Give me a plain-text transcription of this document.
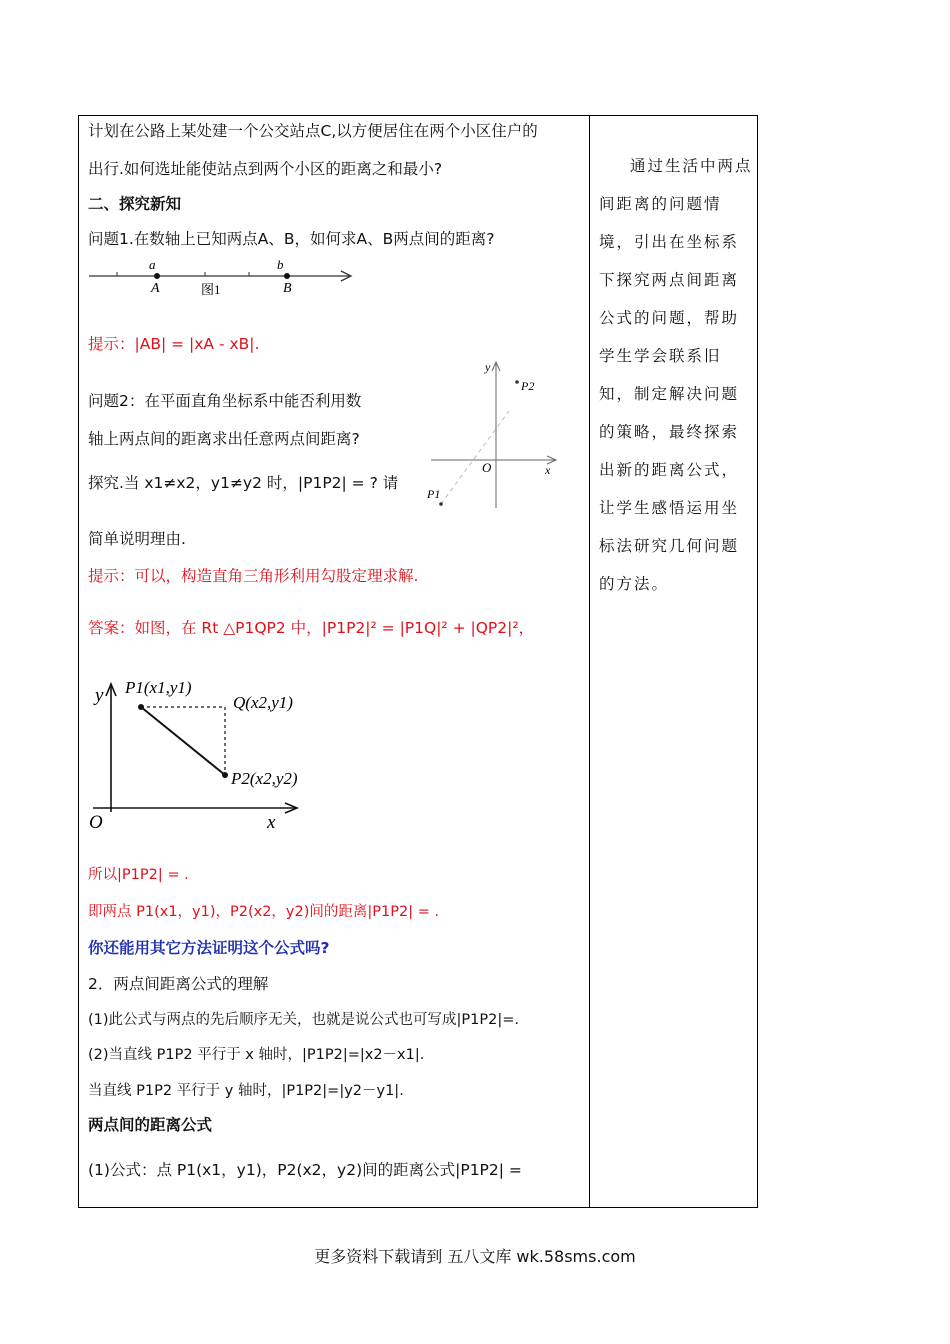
计划在公路上某处建一个公交站点C,以方便居住在两个小区住户的
出行.如何选址能使站点到两个小区的距离之和最小?
二、探究新知
问题1.在数轴上已知两点A、B，如何求A、B两点间的距离?
a	b
A	B
图1
提示：|AB| = |xA - xB|.
问题2：在平面直角坐标系中能否利用数
轴上两点间的距离求出任意两点间距离?
y
P2
O	x
P1
探究.当 x1≠x2，y1≠y2 时，|P1P2| = ? 请
简单说明理由.
提示：可以，构造直角三角形利用勾股定理求解.
答案：如图，在 Rt △P1QP2 中，|P1P2|² = |P1Q|² + |QP2|²，
y P1(x1,y1)
Q(x2,y1)
P2(x2,y2)
O	x
所以|P1P2| = .
即两点 P1(x1，y1)，P2(x2，y2)间的距离|P1P2| = .
你还能用其它方法证明这个公式吗?
2．两点间距离公式的理解
(1)此公式与两点的先后顺序无关，也就是说公式也可写成|P1P2|=.
(2)当直线 P1P2 平行于 x 轴时，|P1P2|=|x2－x1|.
当直线 P1P2 平行于 y 轴时，|P1P2|=|y2－y1|.
两点间的距离公式
(1)公式：点 P1(x1，y1)，P2(x2，y2)间的距离公式|P1P2| =

通过生活中两点

间距离的问题情

境，引出在坐标系

下探究两点间距离

公式的问题，帮助

学生学会联系旧

知，制定解决问题

的策略，最终探索

出新的距离公式，

让学生感悟运用坐

标法研究几何问题

的方法。

更多资料下载请到 五八文库 wk.58sms.com
